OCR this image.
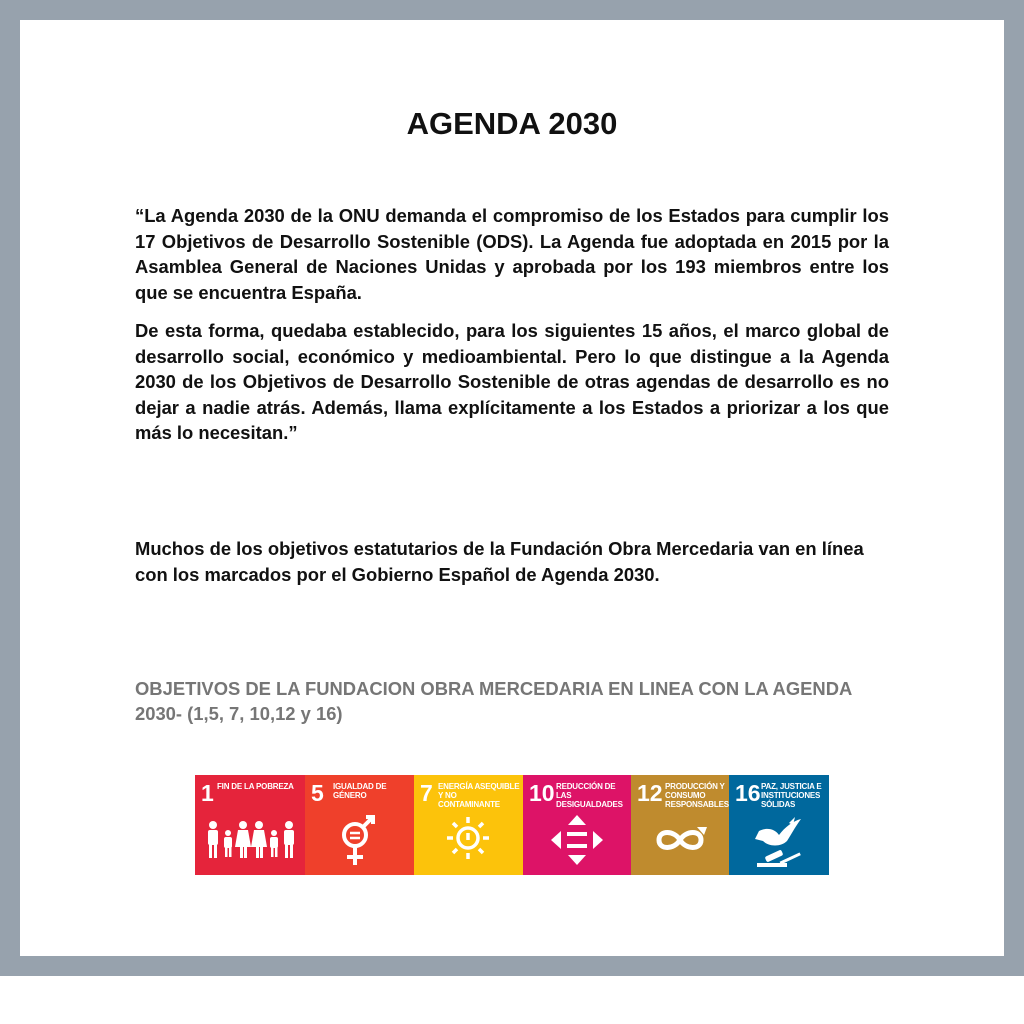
AGENDA 2030

“La Agenda 2030 de la ONU demanda el compromiso de los Estados para cumplir los 17 Objetivos de Desarrollo Sostenible (ODS). La Agenda fue adoptada en 2015 por la Asamblea General de Naciones Unidas y aprobada por los 193 miembros entre los que se encuentra España.

De esta forma, quedaba establecido, para los siguientes 15 años, el marco global de desarrollo social, económico y medioambiental. Pero lo que distingue a la Agenda 2030 de los Objetivos de Desarrollo Sostenible de otras agendas de desarrollo es no dejar a nadie atrás. Además, llama explícitamente a los Estados a priorizar a los que más lo necesitan.”

Muchos de los objetivos estatutarios de la Fundación Obra Mercedaria van en línea con los marcados por el Gobierno Español de Agenda 2030.

OBJETIVOS DE LA FUNDACION OBRA MERCEDARIA EN LINEA CON LA AGENDA 2030- (1,5, 7, 10,12 y 16)

1 FIN DE LA POBREZA 5 IGUALDAD DE GÉNERO	7 ENERGÍA ASEQUIBLE Y NO CONTAMINANTE	10 REDUCCIÓN DE LAS DESIGUALDADES 12 PRODUCCIÓN Y CONSUMO RESPONSABLES 16 PAZ, JUSTICIA E INSTITUCIONES SÓLIDAS
